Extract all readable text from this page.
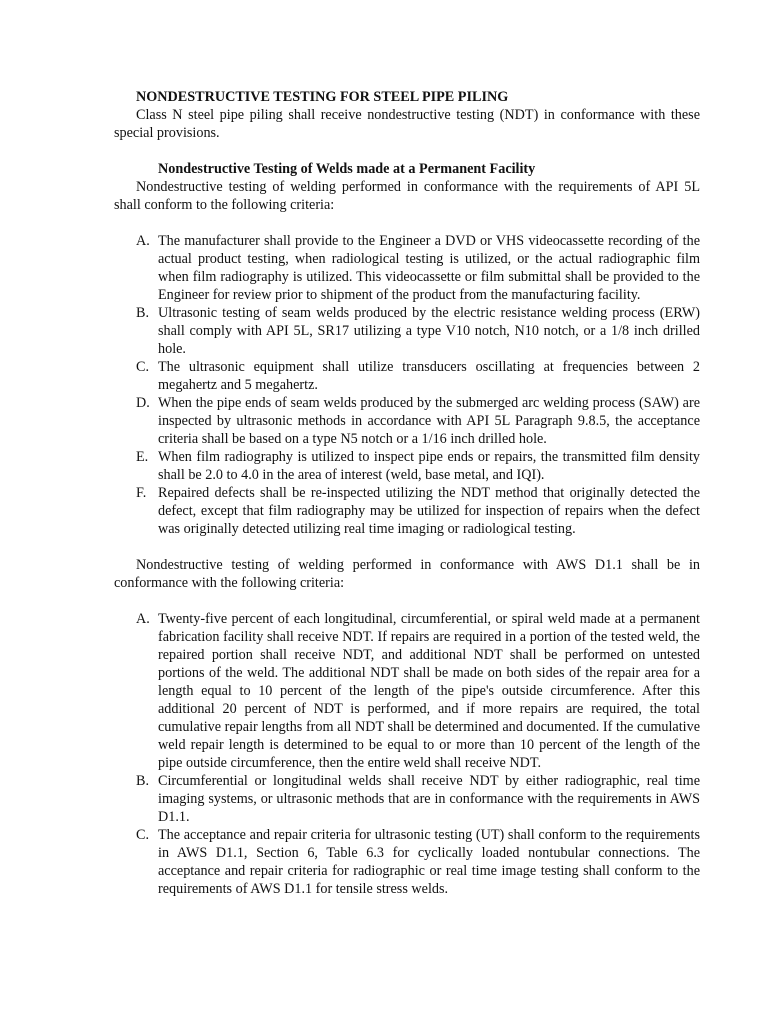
NONDESTRUCTIVE TESTING FOR STEEL PIPE PILING

Class N steel pipe piling shall receive nondestructive testing (NDT) in conformance with these special provisions.

Nondestructive Testing of Welds made at a Permanent Facility

Nondestructive testing of welding performed in conformance with the requirements of API 5L shall conform to the following criteria:

A. The manufacturer shall provide to the Engineer a DVD or VHS videocassette recording of the actual product testing, when radiological testing is utilized, or the actual radiographic film when film radiography is utilized. This videocassette or film submittal shall be provided to the Engineer for review prior to shipment of the product from the manufacturing facility.
B. Ultrasonic testing of seam welds produced by the electric resistance welding process (ERW) shall comply with API 5L, SR17 utilizing a type V10 notch, N10 notch, or a 1/8 inch drilled hole.
C. The ultrasonic equipment shall utilize transducers oscillating at frequencies between 2 megahertz and 5 megahertz.
D. When the pipe ends of seam welds produced by the submerged arc welding process (SAW) are inspected by ultrasonic methods in accordance with API 5L Paragraph 9.8.5, the acceptance criteria shall be based on a type N5 notch or a 1/16 inch drilled hole.
E. When film radiography is utilized to inspect pipe ends or repairs, the transmitted film density shall be 2.0 to 4.0 in the area of interest (weld, base metal, and IQI).
F. Repaired defects shall be re-inspected utilizing the NDT method that originally detected the defect, except that film radiography may be utilized for inspection of repairs when the defect was originally detected utilizing real time imaging or radiological testing.

Nondestructive testing of welding performed in conformance with AWS D1.1 shall be in conformance with the following criteria:

A. Twenty-five percent of each longitudinal, circumferential, or spiral weld made at a permanent fabrication facility shall receive NDT. If repairs are required in a portion of the tested weld, the repaired portion shall receive NDT, and additional NDT shall be performed on untested portions of the weld. The additional NDT shall be made on both sides of the repair area for a length equal to 10 percent of the length of the pipe's outside circumference. After this additional 20 percent of NDT is performed, and if more repairs are required, the total cumulative repair lengths from all NDT shall be determined and documented. If the cumulative weld repair length is determined to be equal to or more than 10 percent of the length of the pipe outside circumference, then the entire weld shall receive NDT.
B. Circumferential or longitudinal welds shall receive NDT by either radiographic, real time imaging systems, or ultrasonic methods that are in conformance with the requirements in AWS D1.1.
C. The acceptance and repair criteria for ultrasonic testing (UT) shall conform to the requirements in AWS D1.1, Section 6, Table 6.3 for cyclically loaded nontubular connections. The acceptance and repair criteria for radiographic or real time image testing shall conform to the requirements of AWS D1.1 for tensile stress welds.
